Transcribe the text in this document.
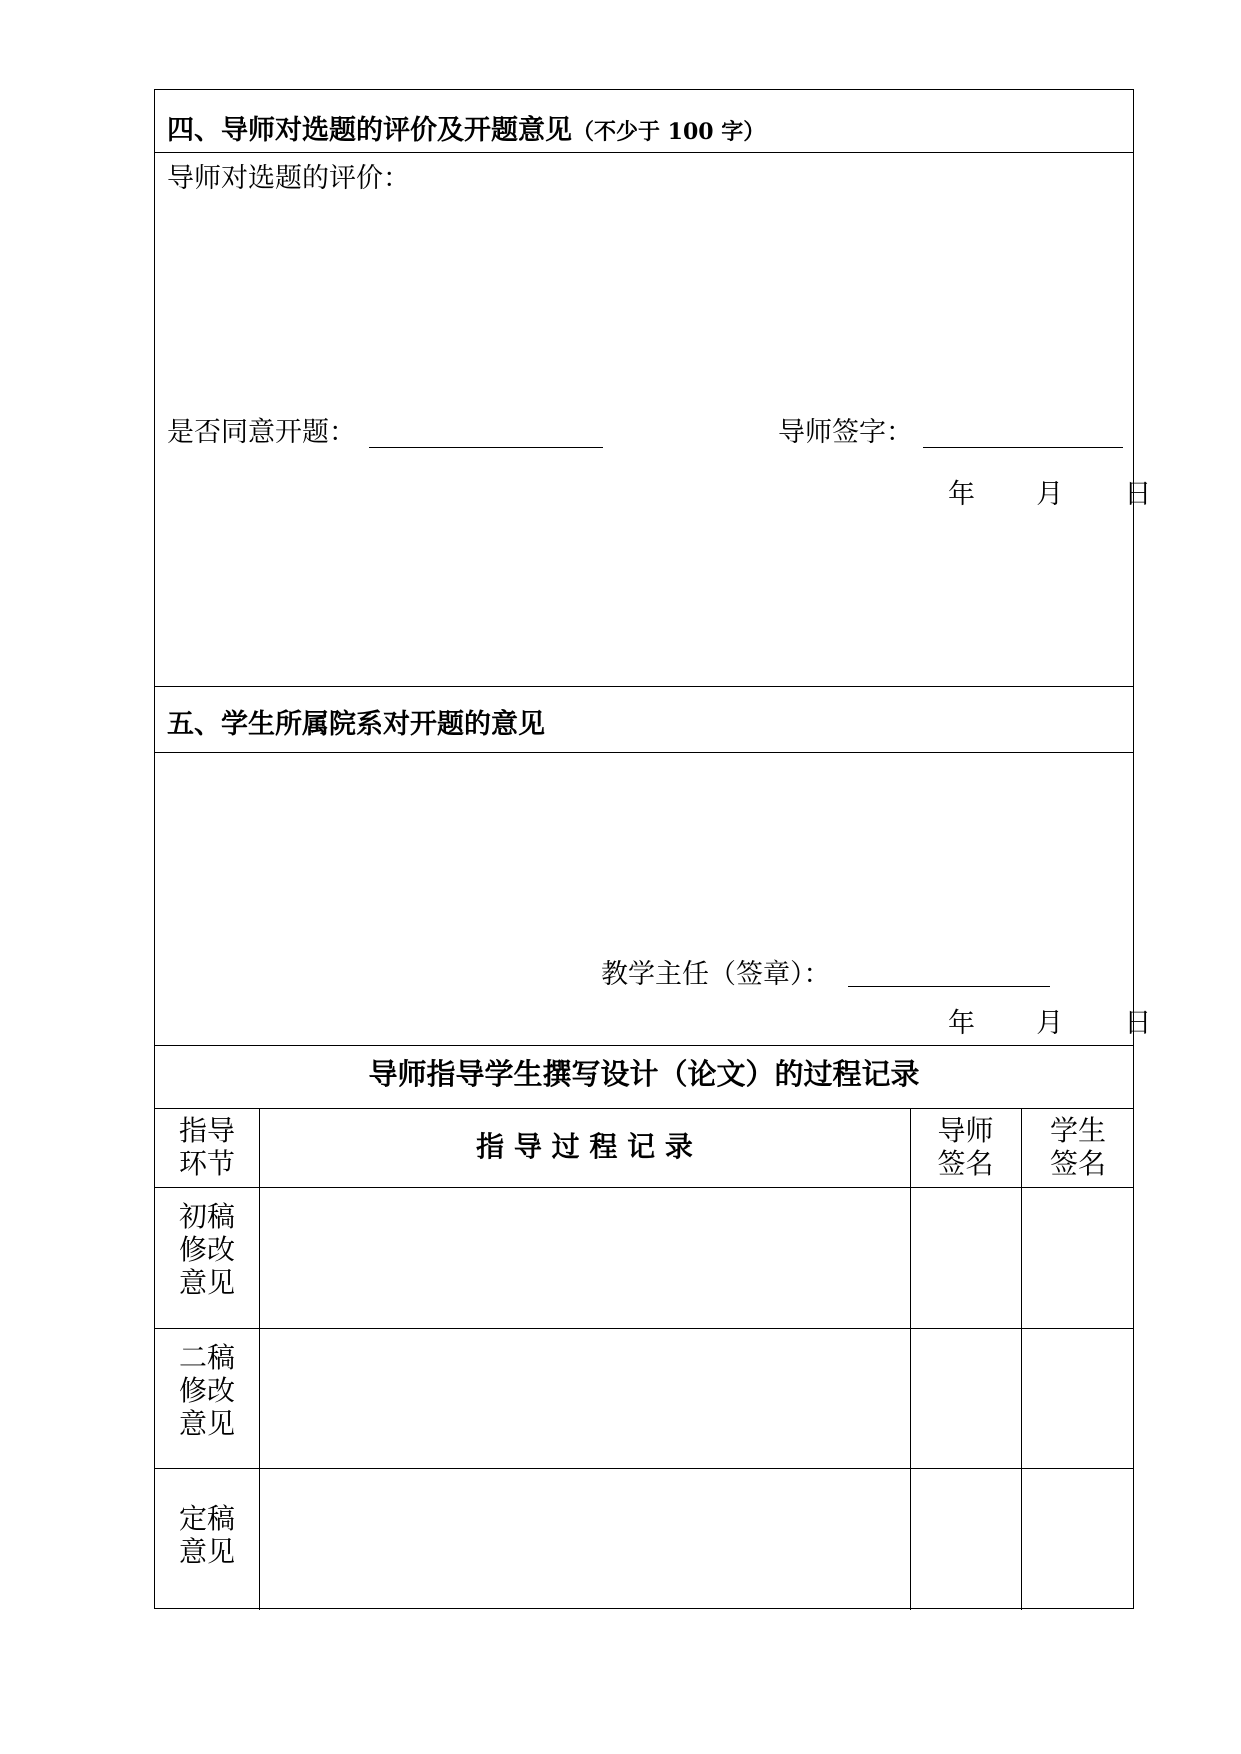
四、导师对选题的评价及开题意见（不少于 100 字）
导师对选题的评价：
是否同意开题：	导师签字：
年 月 日
五、学生所属院系对开题的意见
教学主任（签章）：
年 月 日
导师指导学生撰写设计（论文）的过程记录
指导
环节
指 导 过 程 记 录	导师
签名
学生
签名
初稿
修改
意见
二稿
修改
意见
定稿
意见
